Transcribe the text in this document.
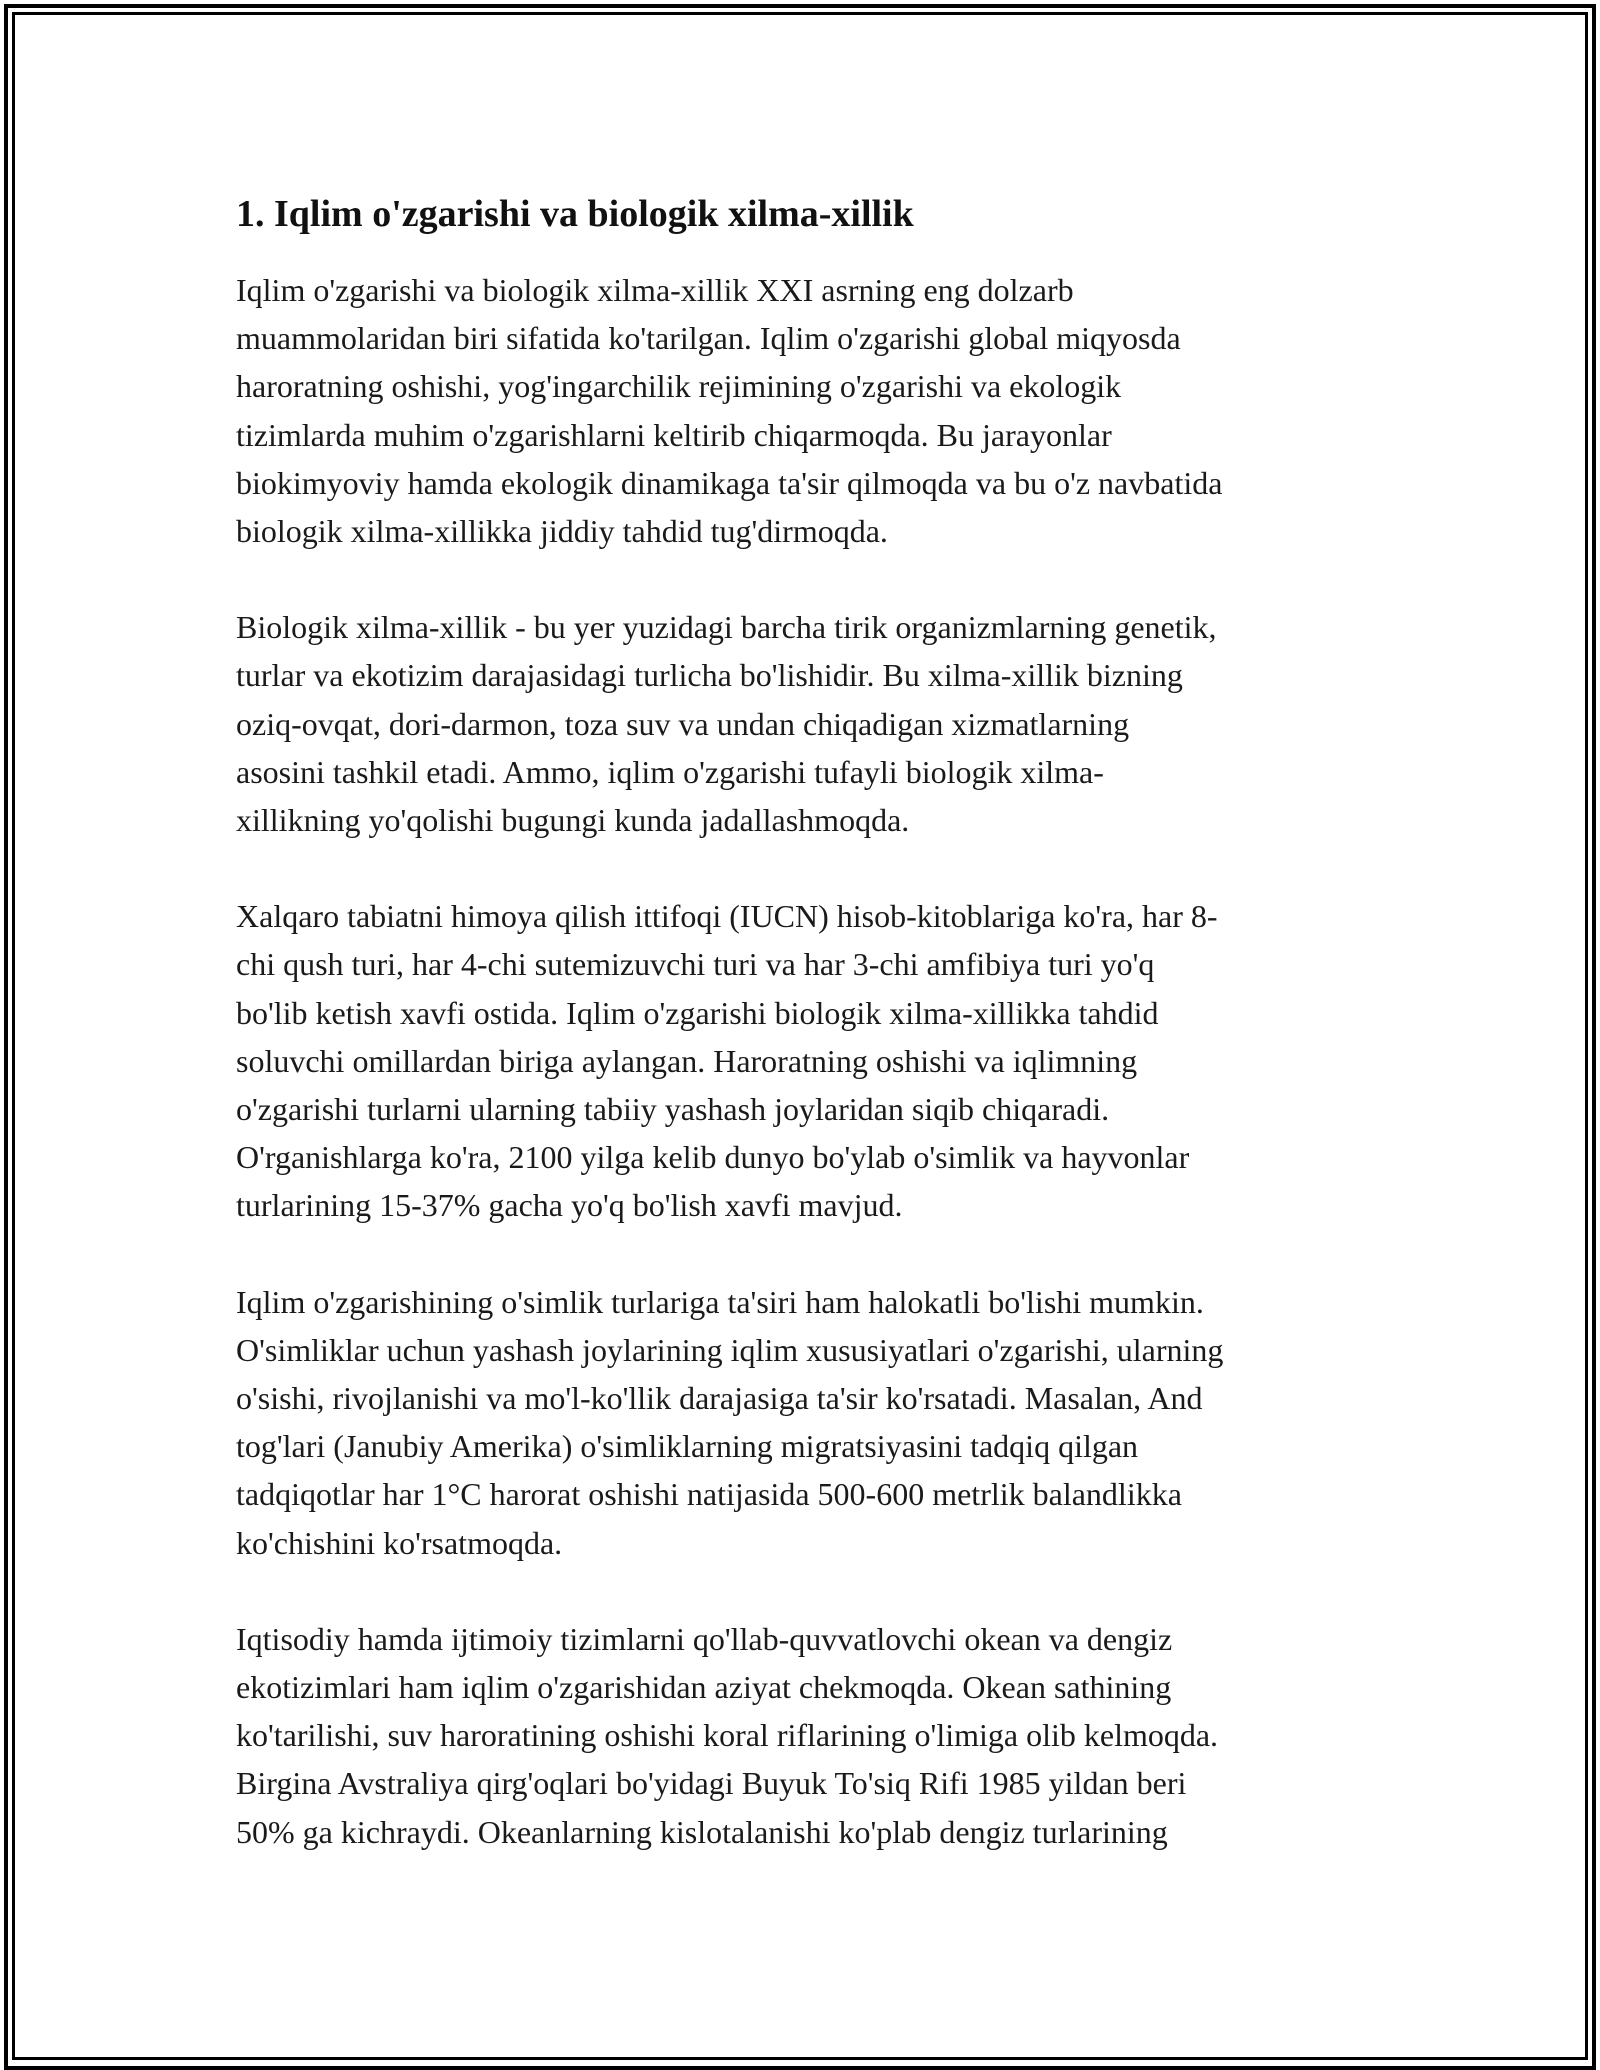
1. Iqlim o'zgarishi va biologik xilma-xillik

Iqlim o'zgarishi va biologik xilma-xillik XXI asrning eng dolzarb
muammolaridan biri sifatida ko'tarilgan. Iqlim o'zgarishi global miqyosda
haroratning oshishi, yog'ingarchilik rejimining o'zgarishi va ekologik
tizimlarda muhim o'zgarishlarni keltirib chiqarmoqda. Bu jarayonlar
biokimyoviy hamda ekologik dinamikaga ta'sir qilmoqda va bu o'z navbatida
biologik xilma-xillikka jiddiy tahdid tug'dirmoqda.

Biologik xilma-xillik - bu yer yuzidagi barcha tirik organizmlarning genetik,
turlar va ekotizim darajasidagi turlicha bo'lishidir. Bu xilma-xillik bizning
oziq-ovqat, dori-darmon, toza suv va undan chiqadigan xizmatlarning
asosini tashkil etadi. Ammo, iqlim o'zgarishi tufayli biologik xilma-
xillikning yo'qolishi bugungi kunda jadallashmoqda.

Xalqaro tabiatni himoya qilish ittifoqi (IUCN) hisob-kitoblariga ko'ra, har 8-
chi qush turi, har 4-chi sutemizuvchi turi va har 3-chi amfibiya turi yo'q
bo'lib ketish xavfi ostida. Iqlim o'zgarishi biologik xilma-xillikka tahdid
soluvchi omillardan biriga aylangan. Haroratning oshishi va iqlimning
o'zgarishi turlarni ularning tabiiy yashash joylaridan siqib chiqaradi.
O'rganishlarga ko'ra, 2100 yilga kelib dunyo bo'ylab o'simlik va hayvonlar
turlarining 15-37% gacha yo'q bo'lish xavfi mavjud.

Iqlim o'zgarishining o'simlik turlariga ta'siri ham halokatli bo'lishi mumkin.
O'simliklar uchun yashash joylarining iqlim xususiyatlari o'zgarishi, ularning
o'sishi, rivojlanishi va mo'l-ko'llik darajasiga ta'sir ko'rsatadi. Masalan, And
tog'lari (Janubiy Amerika) o'simliklarning migratsiyasini tadqiq qilgan
tadqiqotlar har 1°C harorat oshishi natijasida 500-600 metrlik balandlikka
ko'chishini ko'rsatmoqda.

Iqtisodiy hamda ijtimoiy tizimlarni qo'llab-quvvatlovchi okean va dengiz
ekotizimlari ham iqlim o'zgarishidan aziyat chekmoqda. Okean sathining
ko'tarilishi, suv haroratining oshishi koral riflarining o'limiga olib kelmoqda.
Birgina Avstraliya qirg'oqlari bo'yidagi Buyuk To'siq Rifi 1985 yildan beri
50% ga kichraydi. Okeanlarning kislotalanishi ko'plab dengiz turlarining
